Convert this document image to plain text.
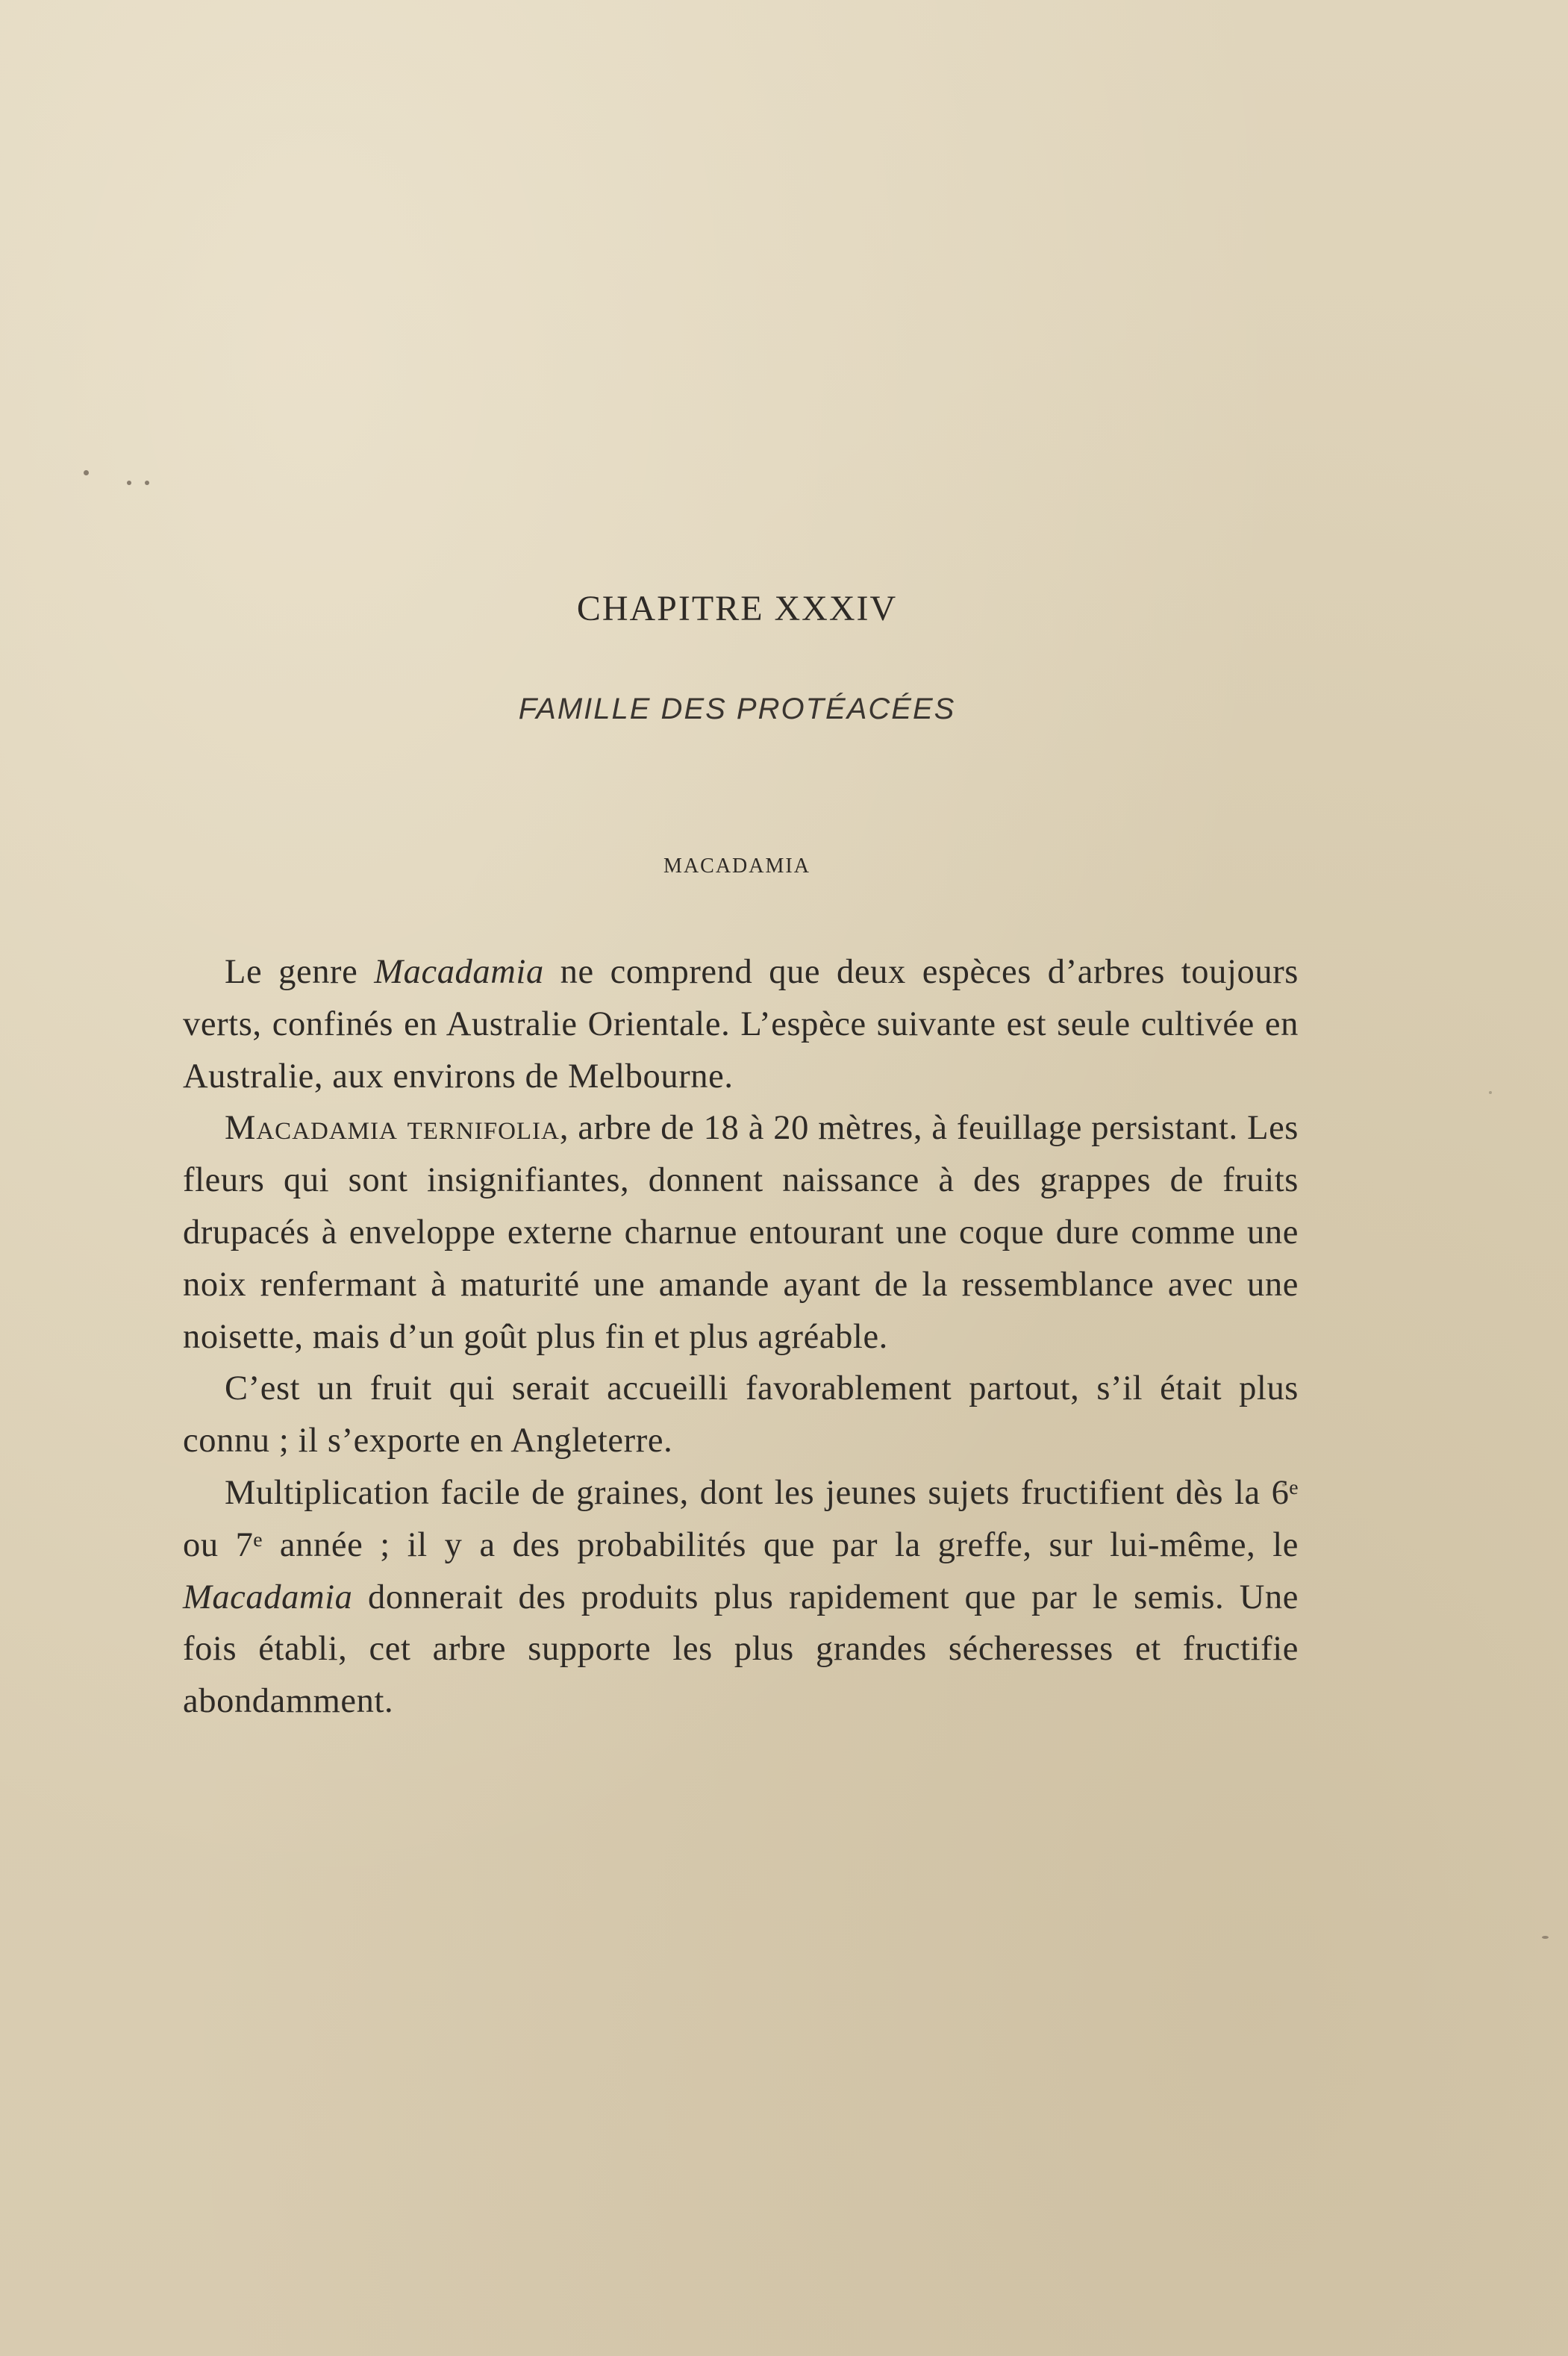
CHAPITRE XXXIV
FAMILLE DES PROTÉACÉES
MACADAMIA

Le genre Macadamia ne comprend que deux espèces d’arbres toujours verts, confinés en Australie Orientale. L’espèce suivante est seule cultivée en Australie, aux environs de Melbourne.

Macadamia ternifolia, arbre de 18 à 20 mètres, à feuillage persistant. Les fleurs qui sont insignifiantes, donnent naissance à des grappes de fruits drupacés à enveloppe externe charnue entourant une coque dure comme une noix renfermant à maturité une amande ayant de la ressemblance avec une noisette, mais d’un goût plus fin et plus agréable.

C’est un fruit qui serait accueilli favorablement partout, s’il était plus connu ; il s’exporte en Angleterre.

Multiplication facile de graines, dont les jeunes sujets fructifient dès la 6ᵉ ou 7ᵉ année ; il y a des probabilités que par la greffe, sur lui-même, le Macadamia donnerait des produits plus rapidement que par le semis. Une fois établi, cet arbre supporte les plus grandes sécheresses et fructifie abondamment.
